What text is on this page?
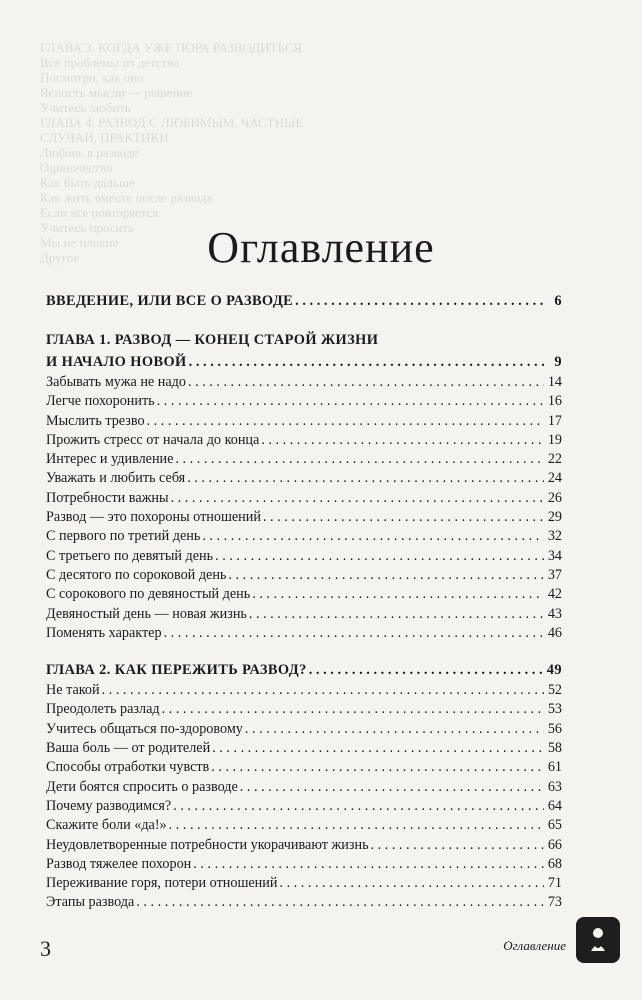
ГЛАВА 3. КОГДА УЖЕ ПОРА РАЗВОДИТЬСЯ
Все проблемы из детства
Посмотри, как оно
Ясность мысли — решение
Учитесь любить
ГЛАВА 4. РАЗВОД С ЛЮБИМЫМ. ЧАСТНЫЕ
СЛУЧАИ, ПРАКТИКИ
Любовь в разводе
Одиночество
Как быть дальше
Как жить вместе после развода
Если все повторяется
Учитесь просить
Мы не плохие
Другое	Оглавление
ВВЕДЕНИЕ, ИЛИ ВСЕ О РАЗВОДЕ . . .	6
ГЛАВА 1. РАЗВОД — КОНЕЦ СТАРОЙ ЖИЗНИ
И НАЧАЛО НОВОЙ . . .	9
Забывать мужа не надо . . .	14
Легче похоронить . . .	16
Мыслить трезво . . .	17
Прожить стресс от начала до конца . . .	19
Интерес и удивление . . .	22
Уважать и любить себя . . .	24
Потребности важны . . .	26
Развод — это похороны отношений . . .	29
С первого по третий день . . .	32
С третьего по девятый день . . .	34
С десятого по сороковой день . . .	37
С сорокового по девяностый день . . .	42
Девяностый день — новая жизнь . . .	43
Поменять характер . . .	46
ГЛАВА 2. КАК ПЕРЕЖИТЬ РАЗВОД? . . .	49
Не такой . . .	52
Преодолеть разлад . . .	53
Учитесь общаться по-здоровому . . .	56
Ваша боль — от родителей . . .	58
Способы отработки чувств . . .	61
Дети боятся спросить о разводе . . .	63
Почему разводимся? . . .	64
Скажите боли «да!» . . .	65
Неудовлетворенные потребности укорачивают жизнь . . .	66
Развод тяжелее похорон . . .	68
Переживание горя, потери отношений . . .	71
Этапы развода . . .	73
3	Оглавление
